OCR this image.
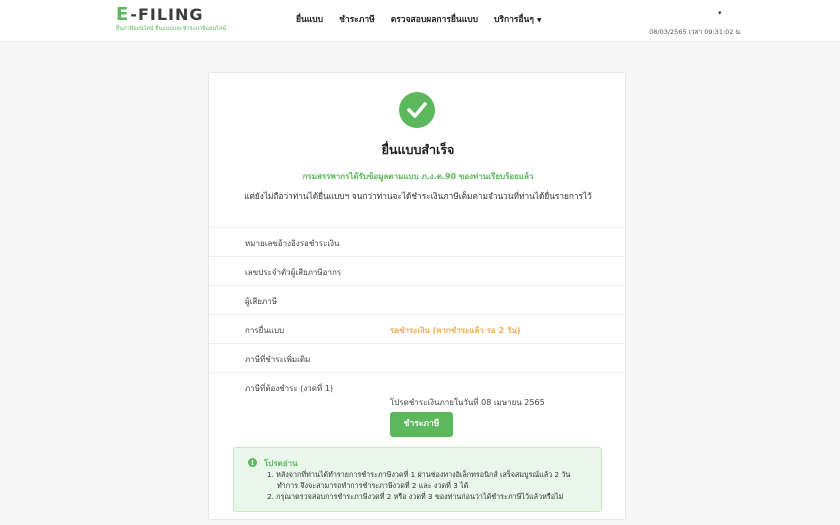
E - FILING
ยื่นภาษีออนไลน์ ยื่นแบบและชำระภาษีออนไลน์
ยื่นแบบ ชำระภาษี ตรวจสอบผลการยื่นแบบ บริการอื่นๆ ▼
▾
08/03/2565 เวลา 09:31:02 น.
ยื่นแบบสำเร็จ
กรมสรรพากรได้รับข้อมูลตามแบบ ภ.ง.ด.90 ของท่านเรียบร้อยแล้ว
แต่ยังไม่ถือว่าท่านได้ยื่นแบบฯ จนกว่าท่านจะได้ชำระเงินภาษีเต็มตามจำนวนที่ท่านได้ยื่นรายการไว้
หมายเลขอ้างอิงรอชำระเงิน
เลขประจำตัวผู้เสียภาษีอากร
ผู้เสียภาษี
การยื่นแบบ	รอชำระเงิน (หากชำระแล้ว รอ 2 วัน)
ภาษีที่ชำระเพิ่มเติม
ภาษีที่ต้องชำระ (งวดที่ 1)
โปรดชำระเงินภายในวันที่ 08 เมษายน 2565
ชำระภาษี
i	โปรดอ่าน
1. หลังจากที่ท่านได้ทำรายการชำระภาษีงวดที่ 1 ผ่านช่องทางอิเล็กทรอนิกส์ เสร็จสมบูรณ์แล้ว 2 วัน
ทำการ จึงจะสามารถทำการชำระภาษีงวดที่ 2 และ งวดที่ 3 ได้
2. กรุณาตรวจสอบการชำระภาษีงวดที่ 2 หรือ งวดที่ 3 ของท่านก่อนว่าได้ชำระภาษีไว้แล้วหรือไม่
